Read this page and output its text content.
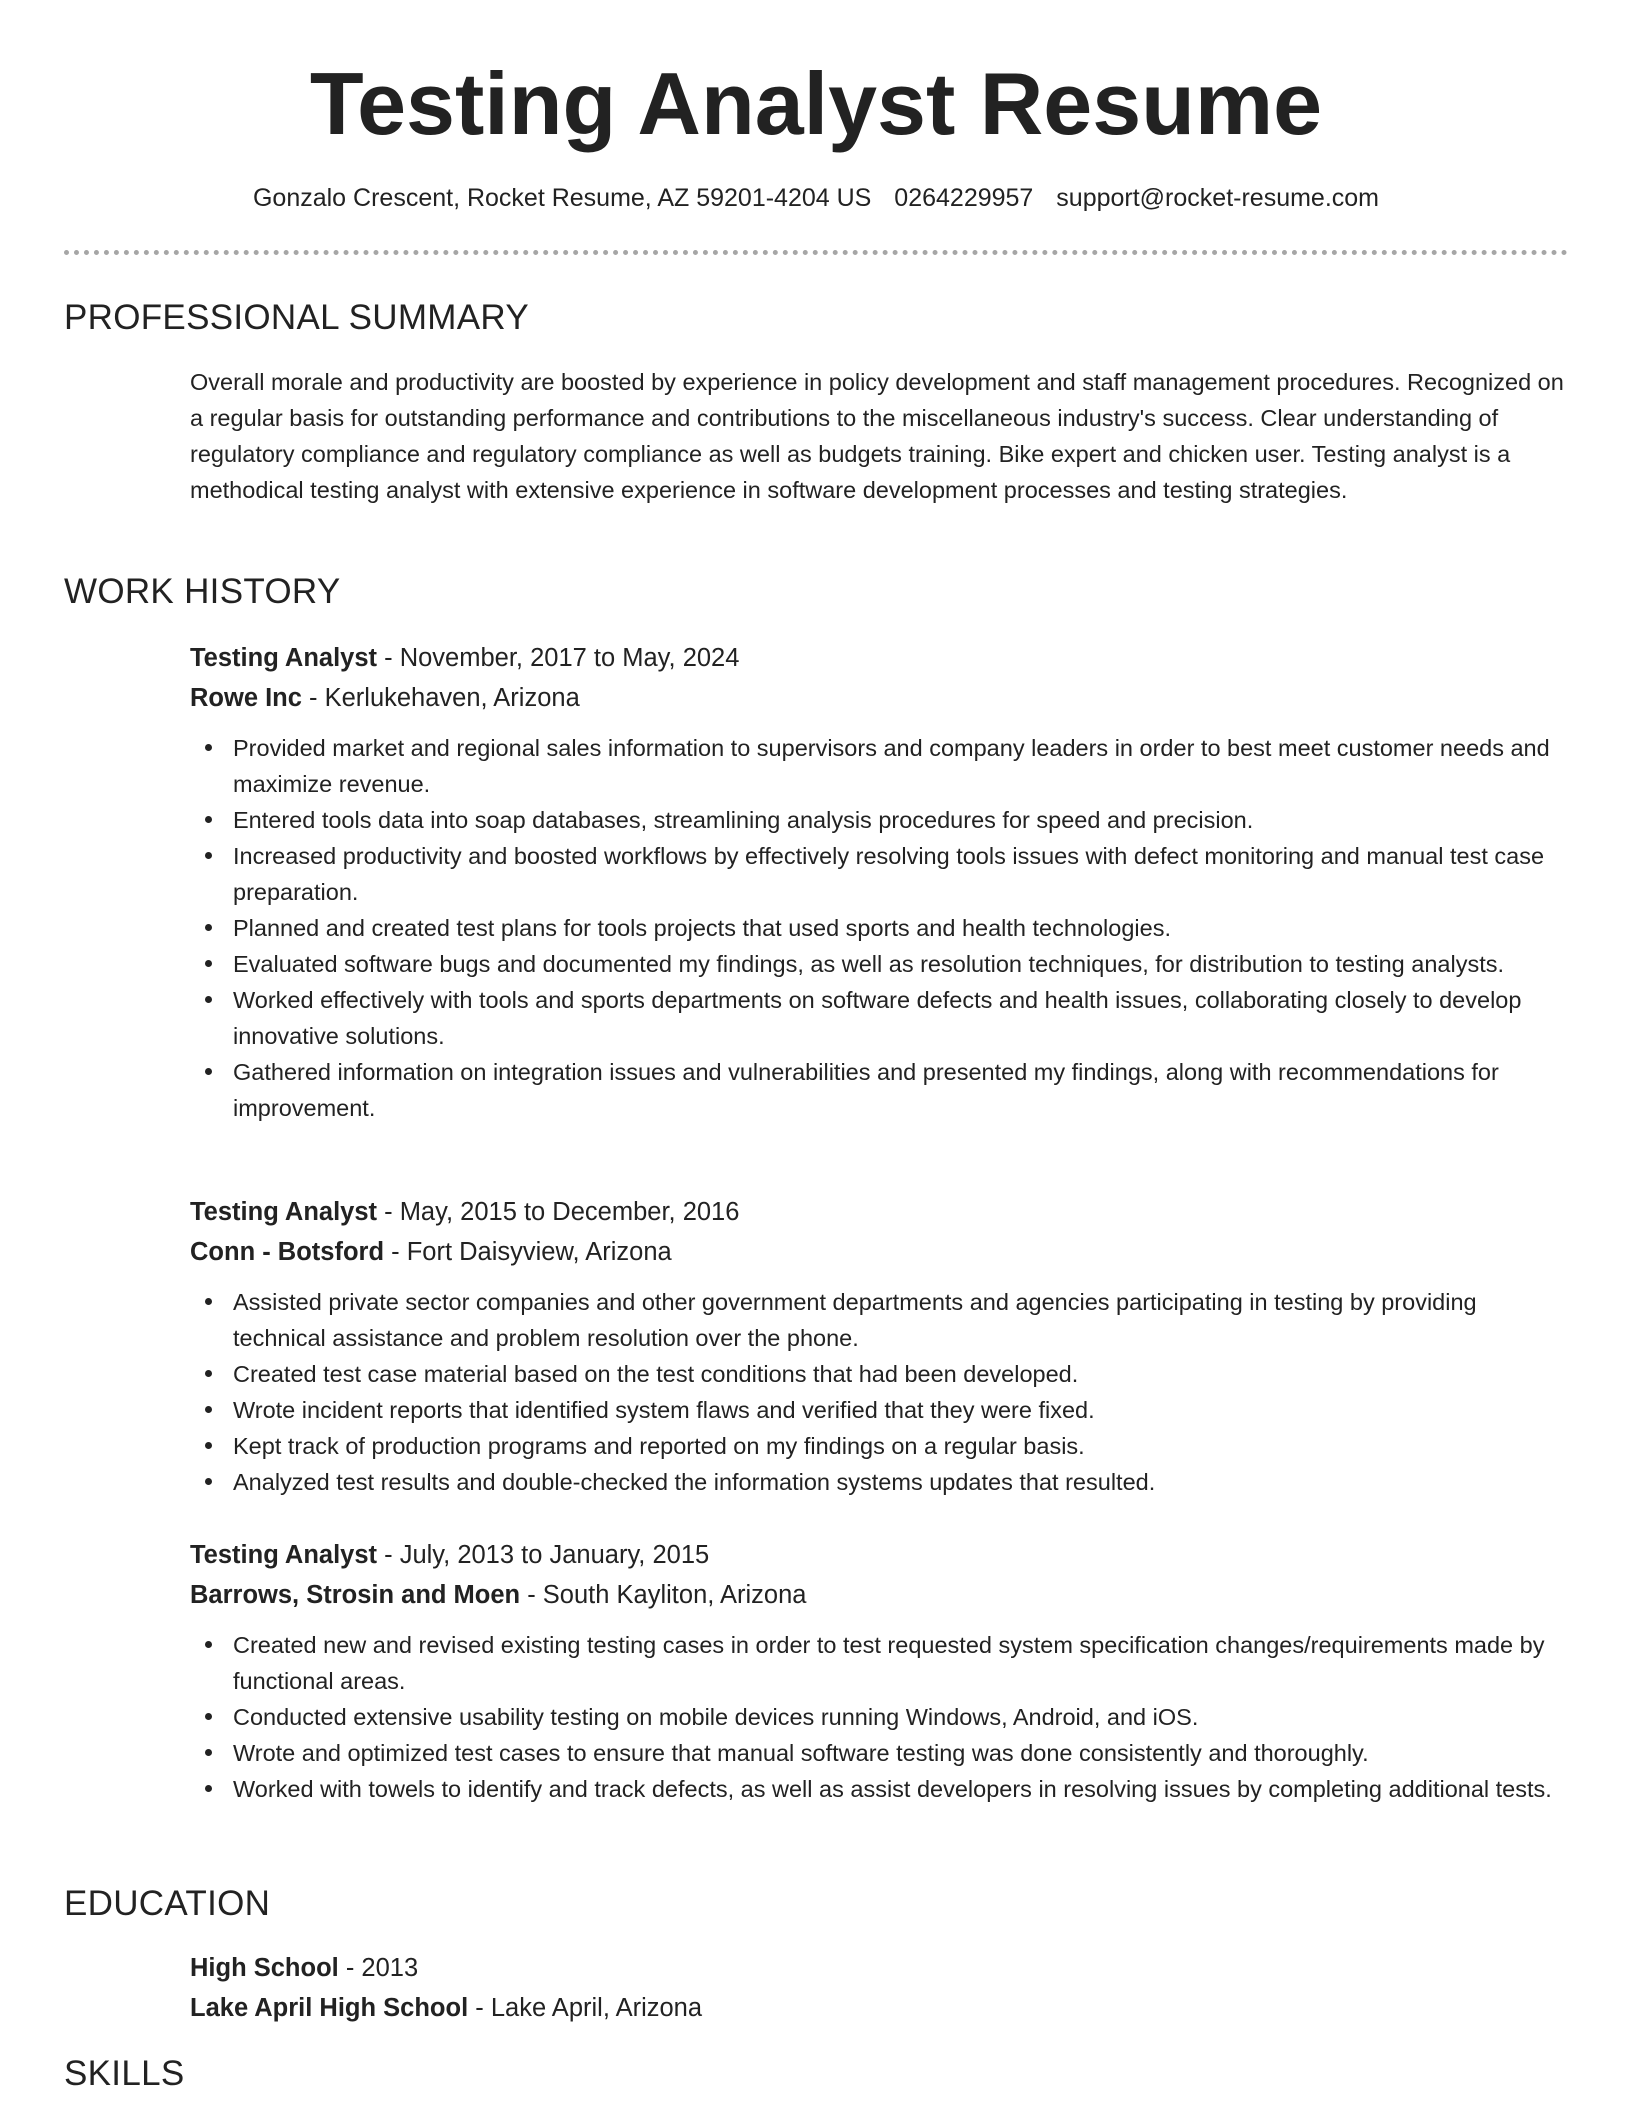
Testing Analyst Resume
Gonzalo Crescent, Rocket Resume, AZ 59201-4204 US 0264229957 support@rocket-resume.com
PROFESSIONAL SUMMARY

Overall morale and productivity are boosted by experience in policy development and staff management procedures. Recognized on a regular basis for outstanding performance and contributions to the miscellaneous industry's success. Clear understanding of regulatory compliance and regulatory compliance as well as budgets training. Bike expert and chicken user. Testing analyst is a methodical testing analyst with extensive experience in software development processes and testing strategies.

WORK HISTORY
Testing Analyst - November, 2017 to May, 2024
Rowe Inc - Kerlukehaven, Arizona
Provided market and regional sales information to supervisors and company leaders in order to best meet customer needs and maximize revenue.
Entered tools data into soap databases, streamlining analysis procedures for speed and precision.
Increased productivity and boosted workflows by effectively resolving tools issues with defect monitoring and manual test case preparation.
Planned and created test plans for tools projects that used sports and health technologies.
Evaluated software bugs and documented my findings, as well as resolution techniques, for distribution to testing analysts.
Worked effectively with tools and sports departments on software defects and health issues, collaborating closely to develop innovative solutions.
Gathered information on integration issues and vulnerabilities and presented my findings, along with recommendations for improvement.
Testing Analyst - May, 2015 to December, 2016
Conn - Botsford - Fort Daisyview, Arizona
Assisted private sector companies and other government departments and agencies participating in testing by providing technical assistance and problem resolution over the phone.
Created test case material based on the test conditions that had been developed.
Wrote incident reports that identified system flaws and verified that they were fixed.
Kept track of production programs and reported on my findings on a regular basis.
Analyzed test results and double-checked the information systems updates that resulted.
Testing Analyst - July, 2013 to January, 2015
Barrows, Strosin and Moen - South Kayliton, Arizona
Created new and revised existing testing cases in order to test requested system specification changes/requirements made by functional areas.
Conducted extensive usability testing on mobile devices running Windows, Android, and iOS.
Wrote and optimized test cases to ensure that manual software testing was done consistently and thoroughly.
Worked with towels to identify and track defects, as well as assist developers in resolving issues by completing additional tests.
EDUCATION
High School - 2013
Lake April High School - Lake April, Arizona
SKILLS
